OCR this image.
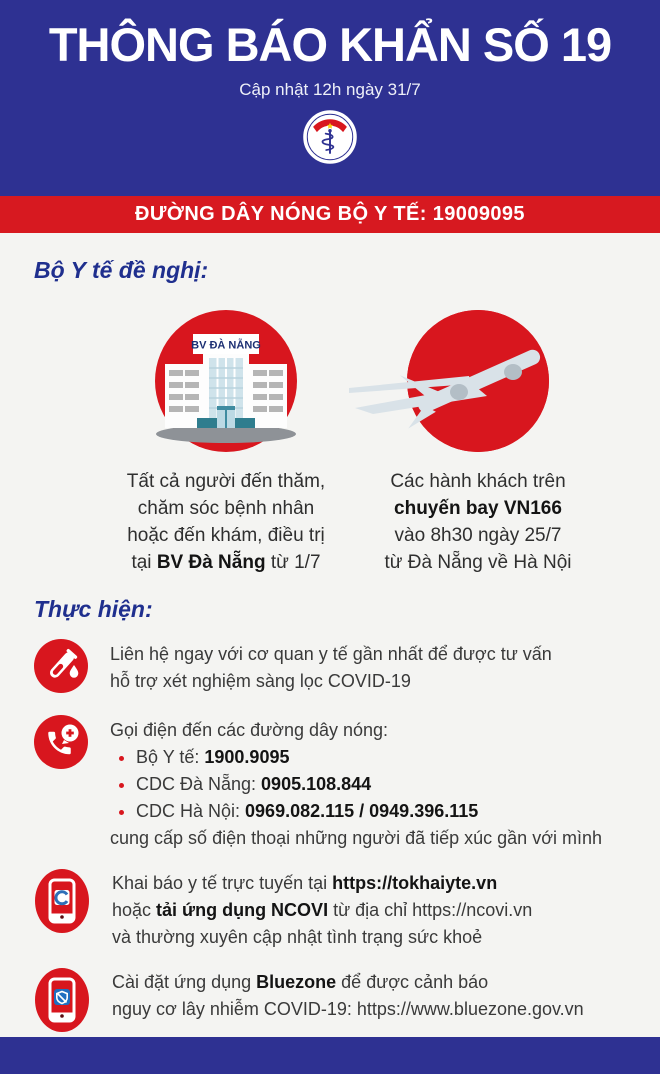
THÔNG BÁO KHẨN SỐ 19
Cập nhật 12h ngày 31/7
ĐƯỜNG DÂY NÓNG BỘ Y TẾ: 19009095
Bộ Y tế đề nghị:
BV ĐÀ NẴNG
Tất cả người đến thăm,
chăm sóc bệnh nhân
hoặc đến khám, điều trị
tại BV Đà Nẵng từ 1/7
Các hành khách trên
chuyến bay VN166
vào 8h30 ngày 25/7
từ Đà Nẵng về Hà Nội
Thực hiện:
Liên hệ ngay với cơ quan y tế gần nhất để được tư vấn
hỗ trợ xét nghiệm sàng lọc COVID-19
Gọi điện đến các đường dây nóng:
• Bộ Y tế: 1900.9095
• CDC Đà Nẵng: 0905.108.844
• CDC Hà Nội: 0969.082.115 / 0949.396.115
cung cấp số điện thoại những người đã tiếp xúc gần với mình
Khai báo y tế trực tuyến tại https://tokhaiyte.vn
hoặc tải ứng dụng NCOVI từ địa chỉ https://ncovi.vn
và thường xuyên cập nhật tình trạng sức khoẻ
Cài đặt ứng dụng Bluezone để được cảnh báo
nguy cơ lây nhiễm COVID-19: https://www.bluezone.gov.vn
